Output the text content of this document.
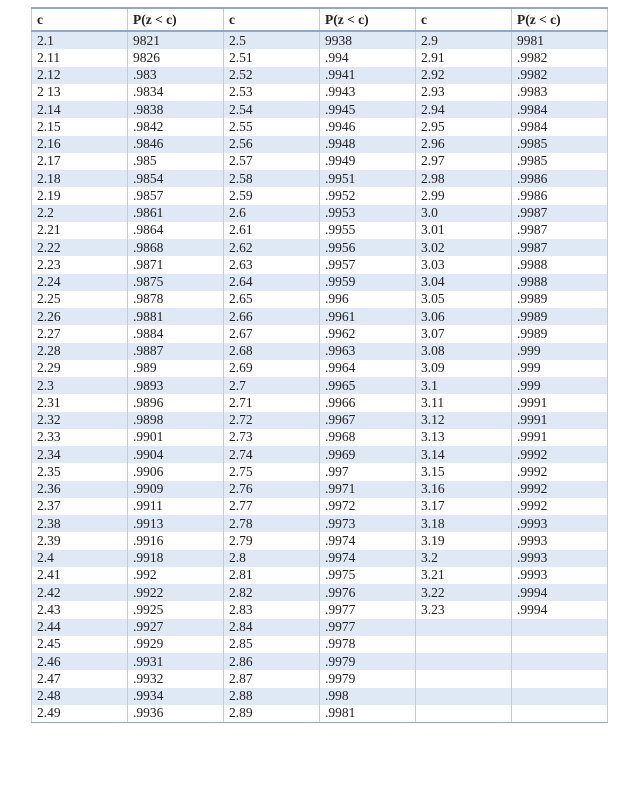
c	P(z < c)	c	P(z < c)	c	P(z < c)
2.1	9821	2.5	9938	2.9	9981
2.11	9826	2.51	.994	2.91	.9982
2.12	.983	2.52	.9941	2.92	.9982
2 13	.9834	2.53	.9943	2.93	.9983
2.14	.9838	2.54	.9945	2.94	.9984
2.15	.9842	2.55	.9946	2.95	.9984
2.16	.9846	2.56	.9948	2.96	.9985
2.17	.985	2.57	.9949	2.97	.9985
2.18	.9854	2.58	.9951	2.98	.9986
2.19	.9857	2.59	.9952	2.99	.9986
2.2	.9861	2.6	.9953	3.0	.9987
2.21	.9864	2.61	.9955	3.01	.9987
2.22	.9868	2.62	.9956	3.02	.9987
2.23	.9871	2.63	.9957	3.03	.9988
2.24	.9875	2.64	.9959	3.04	.9988
2.25	.9878	2.65	.996	3.05	.9989
2.26	.9881	2.66	.9961	3.06	.9989
2.27	.9884	2.67	.9962	3.07	.9989
2.28	.9887	2.68	.9963	3.08	.999
2.29	.989	2.69	.9964	3.09	.999
2.3	.9893	2.7	.9965	3.1	.999
2.31	.9896	2.71	.9966	3.11	.9991
2.32	.9898	2.72	.9967	3.12	.9991
2.33	.9901	2.73	.9968	3.13	.9991
2.34	.9904	2.74	.9969	3.14	.9992
2.35	.9906	2.75	.997	3.15	.9992
2.36	.9909	2.76	.9971	3.16	.9992
2.37	.9911	2.77	.9972	3.17	.9992
2.38	.9913	2.78	.9973	3.18	.9993
2.39	.9916	2.79	.9974	3.19	.9993
2.4	.9918	2.8	.9974	3.2	.9993
2.41	.992	2.81	.9975	3.21	.9993
2.42	.9922	2.82	.9976	3.22	.9994
2.43	.9925	2.83	.9977	3.23	.9994
2.44	.9927	2.84	.9977		
2.45	.9929	2.85	.9978		
2.46	.9931	2.86	.9979		
2.47	.9932	2.87	.9979		
2.48	.9934	2.88	.998		
2.49	.9936	2.89	.9981		
